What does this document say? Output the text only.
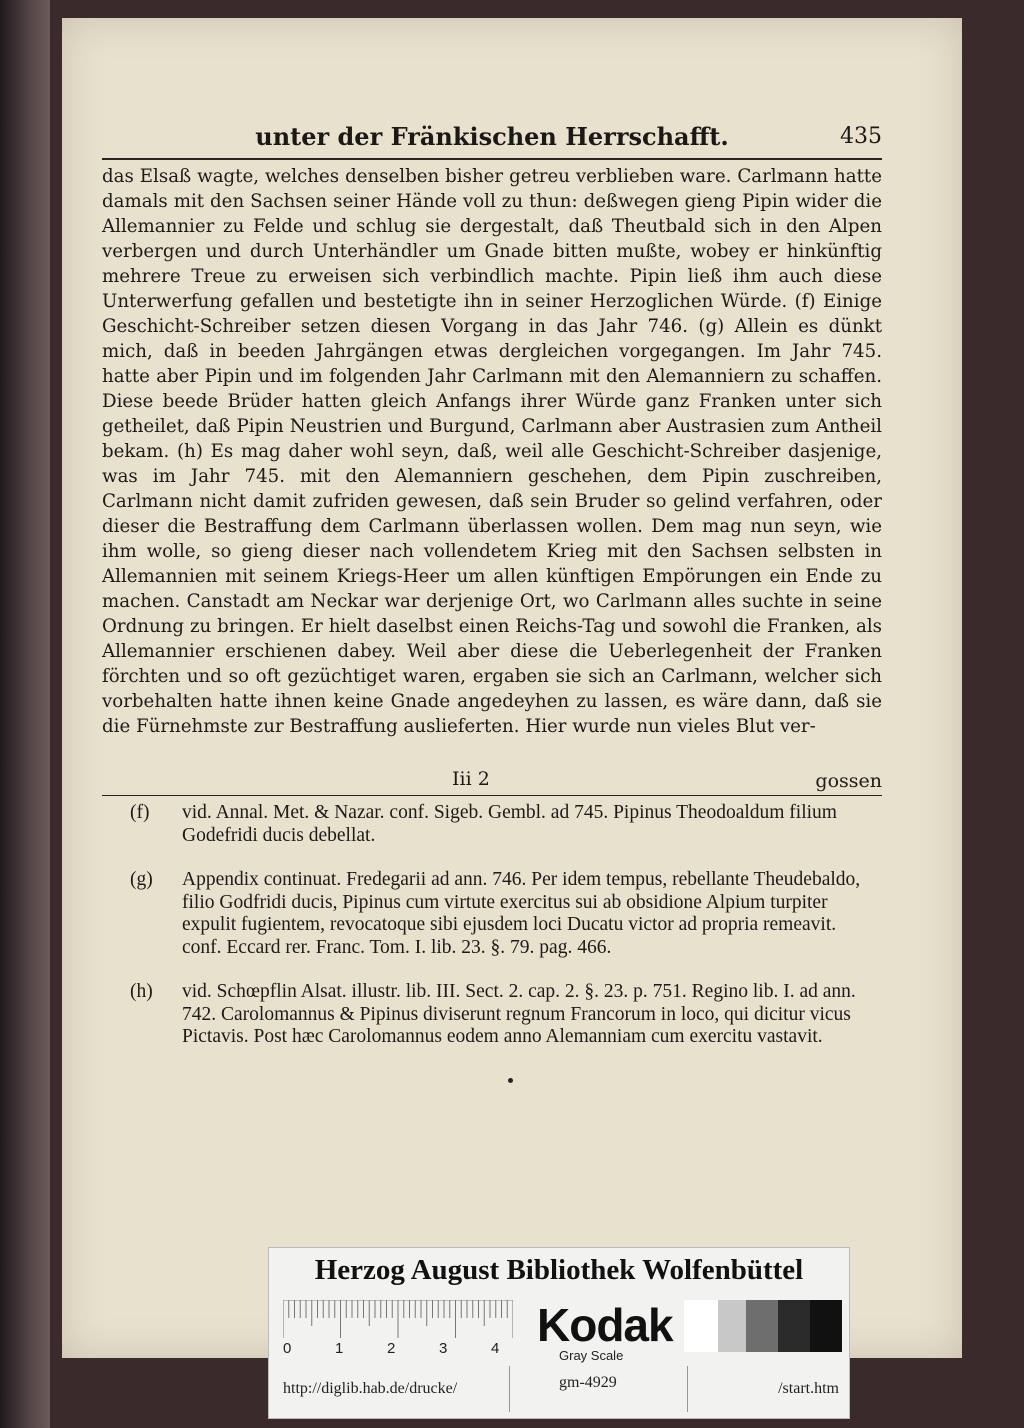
unter der Fränkischen Herrschafft.	435

das Elsaß wagte, welches denselben bisher getreu verblieben ware. Carlmann hatte damals mit den Sachsen seiner Hände voll zu thun: deßwegen gieng Pipin wider die Allemannier zu Felde und schlug sie dergestalt, daß Theutbald sich in den Alpen verbergen und durch Unterhändler um Gnade bitten mußte, wobey er hinkünftig mehrere Treue zu erweisen sich verbindlich machte. Pipin ließ ihm auch diese Unterwerfung gefallen und bestetigte ihn in seiner Herzoglichen Würde. (f) Einige Geschicht-Schreiber setzen diesen Vorgang in das Jahr 746. (g) Allein es dünkt mich, daß in beeden Jahrgängen etwas dergleichen vorgegangen. Im Jahr 745. hatte aber Pipin und im folgenden Jahr Carlmann mit den Alemanniern zu schaffen. Diese beede Brüder hatten gleich Anfangs ihrer Würde ganz Franken unter sich getheilet, daß Pipin Neustrien und Burgund, Carlmann aber Austrasien zum Antheil bekam. (h) Es mag daher wohl seyn, daß, weil alle Geschicht-Schreiber dasjenige, was im Jahr 745. mit den Alemanniern geschehen, dem Pipin zuschreiben, Carlmann nicht damit zufriden gewesen, daß sein Bruder so gelind verfahren, oder dieser die Bestraffung dem Carlmann überlassen wollen. Dem mag nun seyn, wie ihm wolle, so gieng dieser nach vollendetem Krieg mit den Sachsen selbsten in Allemannien mit seinem Kriegs-Heer um allen künftigen Empörungen ein Ende zu machen. Canstadt am Neckar war derjenige Ort, wo Carlmann alles suchte in seine Ordnung zu bringen. Er hielt daselbst einen Reichs-Tag und sowohl die Franken, als Allemannier erschienen dabey. Weil aber diese die Ueberlegenheit der Franken förchten und so oft gezüchtiget waren, ergaben sie sich an Carlmann, welcher sich vorbehalten hatte ihnen keine Gnade angedeyhen zu lassen, es wäre dann, daß sie die Fürnehmste zur Bestraffung auslieferten. Hier wurde nun vieles Blut ver-

Iii 2	gossen
(f) vid. Annal. Met. & Nazar. conf. Sigeb. Gembl. ad 745. Pipinus Theodoaldum filium Godefridi ducis debellat.
(g) Appendix continuat. Fredegarii ad ann. 746. Per idem tempus, rebellante Theudebaldo, filio Godfridi ducis, Pipinus cum virtute exercitus sui ab obsidione Alpium turpiter expulit fugientem, revocatoque sibi ejusdem loci Ducatu victor ad propria remeavit. conf. Eccard rer. Franc. Tom. I. lib. 23. §. 79. pag. 466.
(h) vid. Schœpflin Alsat. illustr. lib. III. Sect. 2. cap. 2. §. 23. p. 751. Regino lib. I. ad ann. 742. Carolomannus & Pipinus diviserunt regnum Francorum in loco, qui dicitur vicus Pictavis. Post hæc Carolomannus eodem anno Alemanniam cum exercitu vastavit.
Herzog August Bibliothek Wolfenbüttel
0	1	2	3	4 Kodak
Gray Scale
http://diglib.hab.de/drucke/	gm-4929	/start.htm
